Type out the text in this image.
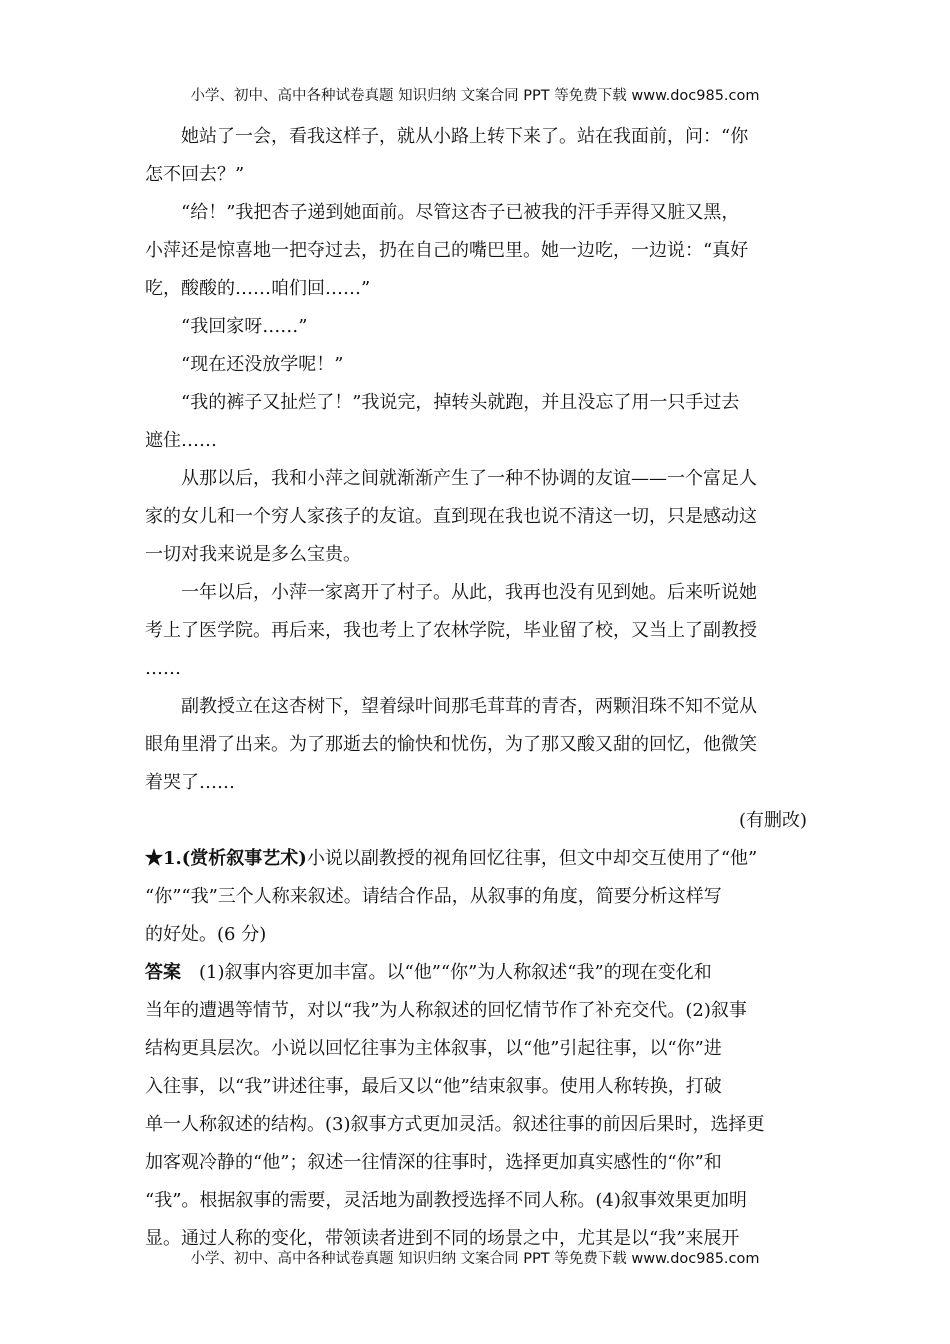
小学、初中、高中各种试卷真题 知识归纳 文案合同 PPT 等免费下载 www.doc985.com
　　她站了一会，看我这样子，就从小路上转下来了。站在我面前，问：“你
怎不回去？”
　　“给！”我把杏子递到她面前。尽管这杏子已被我的汗手弄得又脏又黑，
小萍还是惊喜地一把夺过去，扔在自己的嘴巴里。她一边吃，一边说：“真好
吃，酸酸的……咱们回……”
　　“我回家呀……”
　　“现在还没放学呢！”
　　“我的裤子又扯烂了！”我说完，掉转头就跑，并且没忘了用一只手过去
遮住……
　　从那以后，我和小萍之间就渐渐产生了一种不协调的友谊——一个富足人
家的女儿和一个穷人家孩子的友谊。直到现在我也说不清这一切，只是感动这
一切对我来说是多么宝贵。
　　一年以后，小萍一家离开了村子。从此，我再也没有见到她。后来听说她
考上了医学院。再后来，我也考上了农林学院，毕业留了校，又当上了副教授
……
　　副教授立在这杏树下，望着绿叶间那毛茸茸的青杏，两颗泪珠不知不觉从
眼角里滑了出来。为了那逝去的愉快和忧伤，为了那又酸又甜的回忆，他微笑
着哭了……
(有删改)
★1.(赏析叙事艺术)小说以副教授的视角回忆往事，但文中却交互使用了“他”
“你”“我”三个人称来叙述。请结合作品，从叙事的角度，简要分析这样写
的好处。(6 分)
答案　(1)叙事内容更加丰富。以“他”“你”为人称叙述“我”的现在变化和
当年的遭遇等情节，对以“我”为人称叙述的回忆情节作了补充交代。(2)叙事
结构更具层次。小说以回忆往事为主体叙事，以“他”引起往事，以“你”进
入往事，以“我”讲述往事，最后又以“他”结束叙事。使用人称转换，打破
单一人称叙述的结构。(3)叙事方式更加灵活。叙述往事的前因后果时，选择更
加客观冷静的“他”；叙述一往情深的往事时，选择更加真实感性的“你”和
“我”。根据叙事的需要，灵活地为副教授选择不同人称。(4)叙事效果更加明
显。通过人称的变化，带领读者进到不同的场景之中，尤其是以“我”来展开
小学、初中、高中各种试卷真题 知识归纳 文案合同 PPT 等免费下载 www.doc985.com
